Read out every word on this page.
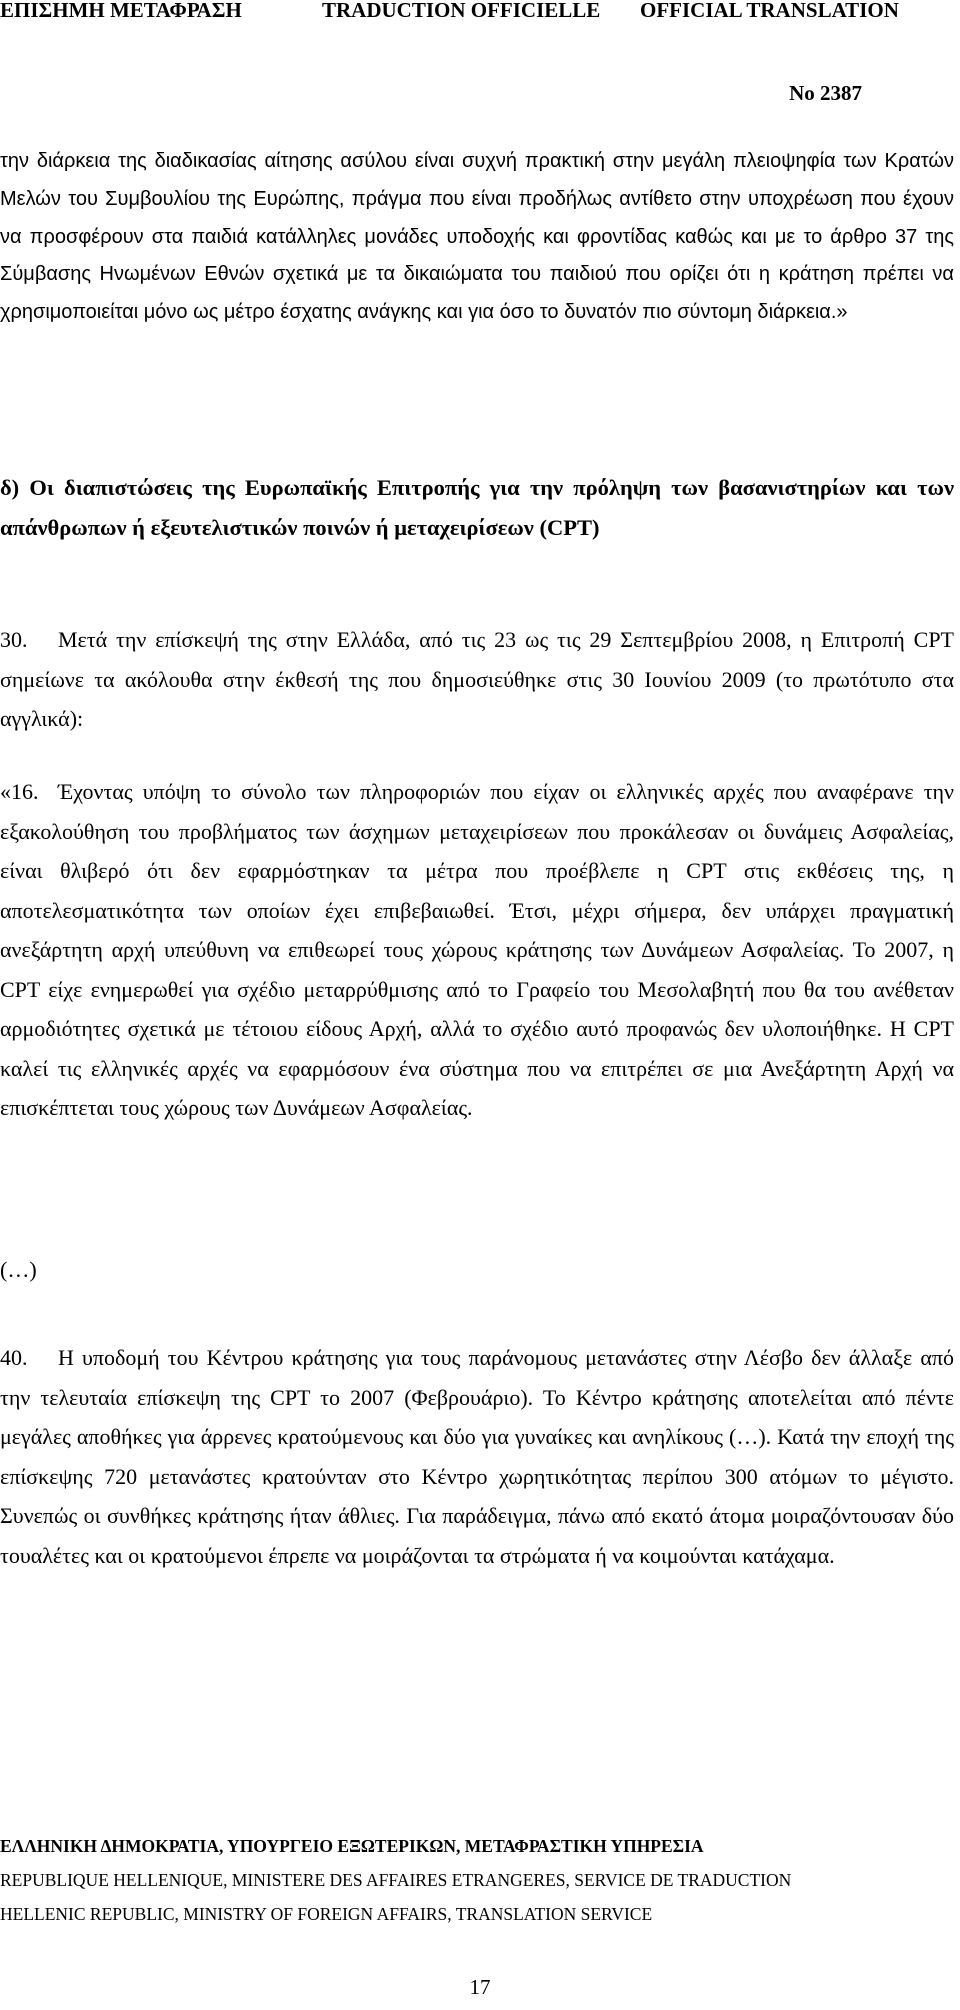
ΕΠΙΣΗΜΗ ΜΕΤΑΦΡΑΣΗ	TRADUCTION OFFICIELLE OFFICIAL TRANSLATION
No 2387

την διάρκεια της διαδικασίας αίτησης ασύλου είναι συχνή πρακτική στην μεγάλη πλειοψηφία των Κρατών Μελών του Συμβουλίου της Ευρώπης, πράγμα που είναι προδήλως αντίθετο στην υποχρέωση που έχουν να προσφέρουν στα παιδιά κατάλληλες μονάδες υποδοχής και φροντίδας καθώς και με το άρθρο 37 της Σύμβασης Ηνωμένων Εθνών σχετικά με τα δικαιώματα του παιδιού που ορίζει ότι η κράτηση πρέπει να χρησιμοποιείται μόνο ως μέτρο έσχατης ανάγκης και για όσο το δυνατόν πιο σύντομη διάρκεια.»

δ) Οι διαπιστώσεις της Ευρωπαϊκής Επιτροπής για την πρόληψη των βασανιστηρίων και των απάνθρωπων ή εξευτελιστικών ποινών ή μεταχειρίσεων (CPT)

30. Μετά την επίσκεψή της στην Ελλάδα, από τις 23 ως τις 29 Σεπτεμβρίου 2008, η Επιτροπή CPT σημείωνε τα ακόλουθα στην έκθεσή της που δημοσιεύθηκε στις 30 Ιουνίου 2009 (το πρωτότυπο στα αγγλικά):

«16. Έχοντας υπόψη το σύνολο των πληροφοριών που είχαν οι ελληνικές αρχές που αναφέρανε την εξακολούθηση του προβλήματος των άσχημων μεταχειρίσεων που προκάλεσαν οι δυνάμεις Ασφαλείας, είναι θλιβερό ότι δεν εφαρμόστηκαν τα μέτρα που προέβλεπε η CPT στις εκθέσεις της, η αποτελεσματικότητα των οποίων έχει επιβεβαιωθεί. Έτσι, μέχρι σήμερα, δεν υπάρχει πραγματική ανεξάρτητη αρχή υπεύθυνη να επιθεωρεί τους χώρους κράτησης των Δυνάμεων Ασφαλείας. Το 2007, η CPT είχε ενημερωθεί για σχέδιο μεταρρύθμισης από το Γραφείο του Μεσολαβητή που θα του ανέθεταν αρμοδιότητες σχετικά με τέτοιου είδους Αρχή, αλλά το σχέδιο αυτό προφανώς δεν υλοποιήθηκε. Η CPT καλεί τις ελληνικές αρχές να εφαρμόσουν ένα σύστημα που να επιτρέπει σε μια Ανεξάρτητη Αρχή να επισκέπτεται τους χώρους των Δυνάμεων Ασφαλείας.

(…)

40. Η υποδομή του Κέντρου κράτησης για τους παράνομους μετανάστες στην Λέσβο δεν άλλαξε από την τελευταία επίσκεψη της CPT το 2007 (Φεβρουάριο). Το Κέντρο κράτησης αποτελείται από πέντε μεγάλες αποθήκες για άρρενες κρατούμενους και δύο για γυναίκες και ανηλίκους (…). Κατά την εποχή της επίσκεψης 720 μετανάστες κρατούνταν στο Κέντρο χωρητικότητας περίπου 300 ατόμων το μέγιστο. Συνεπώς οι συνθήκες κράτησης ήταν άθλιες. Για παράδειγμα, πάνω από εκατό άτομα μοιραζόντουσαν δύο τουαλέτες και οι κρατούμενοι έπρεπε να μοιράζονται τα στρώματα ή να κοιμούνται κατάχαμα.

ΕΛΛΗΝΙΚΗ ΔΗΜΟΚΡΑΤΙΑ, ΥΠΟΥΡΓΕΙΟ ΕΞΩΤΕΡΙΚΩΝ, ΜΕΤΑΦΡΑΣΤΙΚΗ ΥΠΗΡΕΣΙΑ
REPUBLIQUE HELLENIQUE, MINISTERE DES AFFAIRES ETRANGERES, SERVICE DE TRADUCTION
HELLENIC REPUBLIC, MINISTRY OF FOREIGN AFFAIRS, TRANSLATION SERVICE
17
